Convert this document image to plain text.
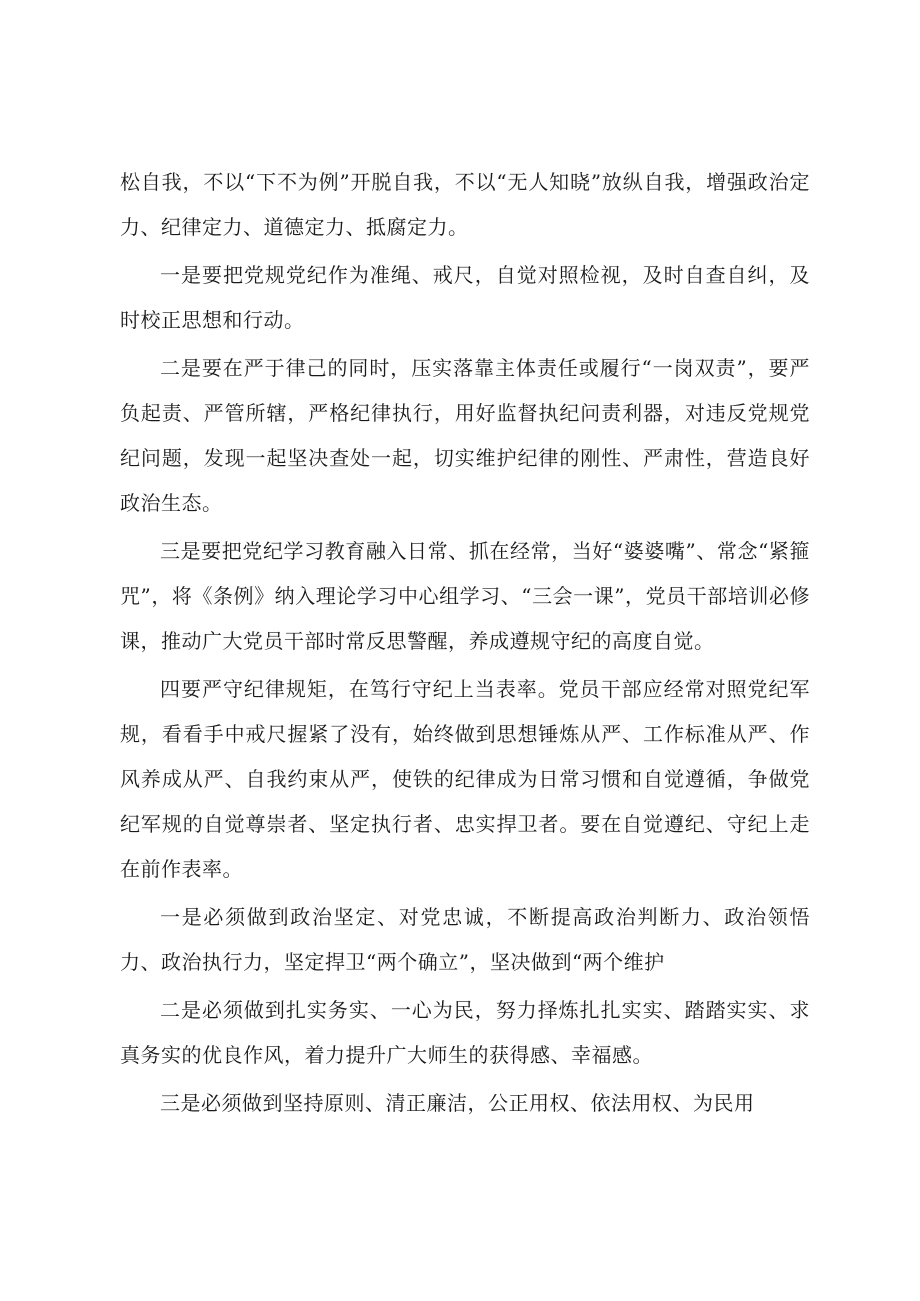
松自我，不以“下不为例”开脱自我，不以“无人知晓”放纵自我，增强政治定力、纪律定力、道德定力、抵腐定力。

一是要把党规党纪作为准绳、戒尺，自觉对照检视，及时自查自纠，及时校正思想和行动。

二是要在严于律己的同时，压实落靠主体责任或履行“一岗双责”，要严负起责、严管所辖，严格纪律执行，用好监督执纪问责利器，对违反党规党纪问题，发现一起坚决查处一起，切实维护纪律的刚性、严肃性，营造良好政治生态。

三是要把党纪学习教育融入日常、抓在经常，当好“婆婆嘴”、常念“紧箍咒”，将《条例》纳入理论学习中心组学习、“三会一课”，党员干部培训必修课，推动广大党员干部时常反思警醒，养成遵规守纪的高度自觉。

四要严守纪律规矩，在笃行守纪上当表率。党员干部应经常对照党纪军规，看看手中戒尺握紧了没有，始终做到思想锤炼从严、工作标准从严、作风养成从严、自我约束从严，使铁的纪律成为日常习惯和自觉遵循，争做党纪军规的自觉尊崇者、坚定执行者、忠实捍卫者。要在自觉遵纪、守纪上走在前作表率。

一是必须做到政治坚定、对党忠诚，不断提高政治判断力、政治领悟力、政治执行力，坚定捍卫“两个确立”，坚决做到“两个维护

二是必须做到扎实务实、一心为民，努力择炼扎扎实实、踏踏实实、求真务实的优良作风，着力提升广大师生的获得感、幸福感。

三是必须做到坚持原则、清正廉洁，公正用权、依法用权、为民用
